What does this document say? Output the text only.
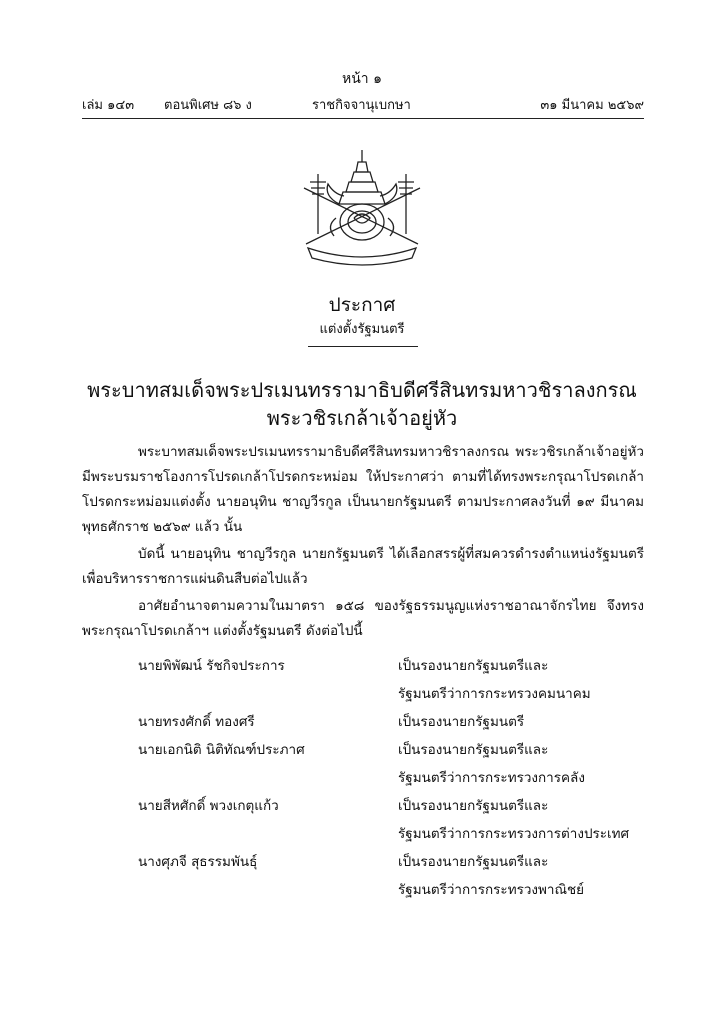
หน้า ๑
เล่ม ๑๔๓ ตอนพิเศษ ๘๖ ง	ราชกิจจานุเบกษา	๓๑ มีนาคม ๒๕๖๙
ประกาศ
แต่งตั้งรัฐมนตรี
พระบาทสมเด็จพระปรเมนทรรามาธิบดีศรีสินทรมหาวชิราลงกรณ
พระวชิรเกล้าเจ้าอยู่หัว
พระบาทสมเด็จพระปรเมนทรรามาธิบดีศรีสินทรมหาวชิราลงกรณ พระวชิรเกล้าเจ้าอยู่หัว มีพระบรมราชโองการโปรดเกล้าโปรดกระหม่อม ให้ประกาศว่า ตามที่ได้ทรงพระกรุณาโปรดเกล้าโปรดกระหม่อมแต่งตั้ง นายอนุทิน ชาญวีรกูล เป็นนายกรัฐมนตรี ตามประกาศลงวันที่ ๑๙ มีนาคม พุทธศักราช ๒๕๖๙ แล้ว นั้น
บัดนี้ นายอนุทิน ชาญวีรกูล นายกรัฐมนตรี ได้เลือกสรรผู้ที่สมควรดำรงตำแหน่งรัฐมนตรีเพื่อบริหารราชการแผ่นดินสืบต่อไปแล้ว
อาศัยอำนาจตามความในมาตรา ๑๕๘ ของรัฐธรรมนูญแห่งราชอาณาจักรไทย จึงทรงพระกรุณาโปรดเกล้าฯ แต่งตั้งรัฐมนตรี ดังต่อไปนี้
นายพิพัฒน์ รัชกิจประการ	เป็นรองนายกรัฐมนตรีและ
รัฐมนตรีว่าการกระทรวงคมนาคม
นายทรงศักดิ์ ทองศรี	เป็นรองนายกรัฐมนตรี
นายเอกนิติ นิติทัณฑ์ประภาศ	เป็นรองนายกรัฐมนตรีและ
รัฐมนตรีว่าการกระทรวงการคลัง
นายสีหศักดิ์ พวงเกตุแก้ว	เป็นรองนายกรัฐมนตรีและ
รัฐมนตรีว่าการกระทรวงการต่างประเทศ
นางศุภจี สุธรรมพันธุ์	เป็นรองนายกรัฐมนตรีและ
รัฐมนตรีว่าการกระทรวงพาณิชย์
